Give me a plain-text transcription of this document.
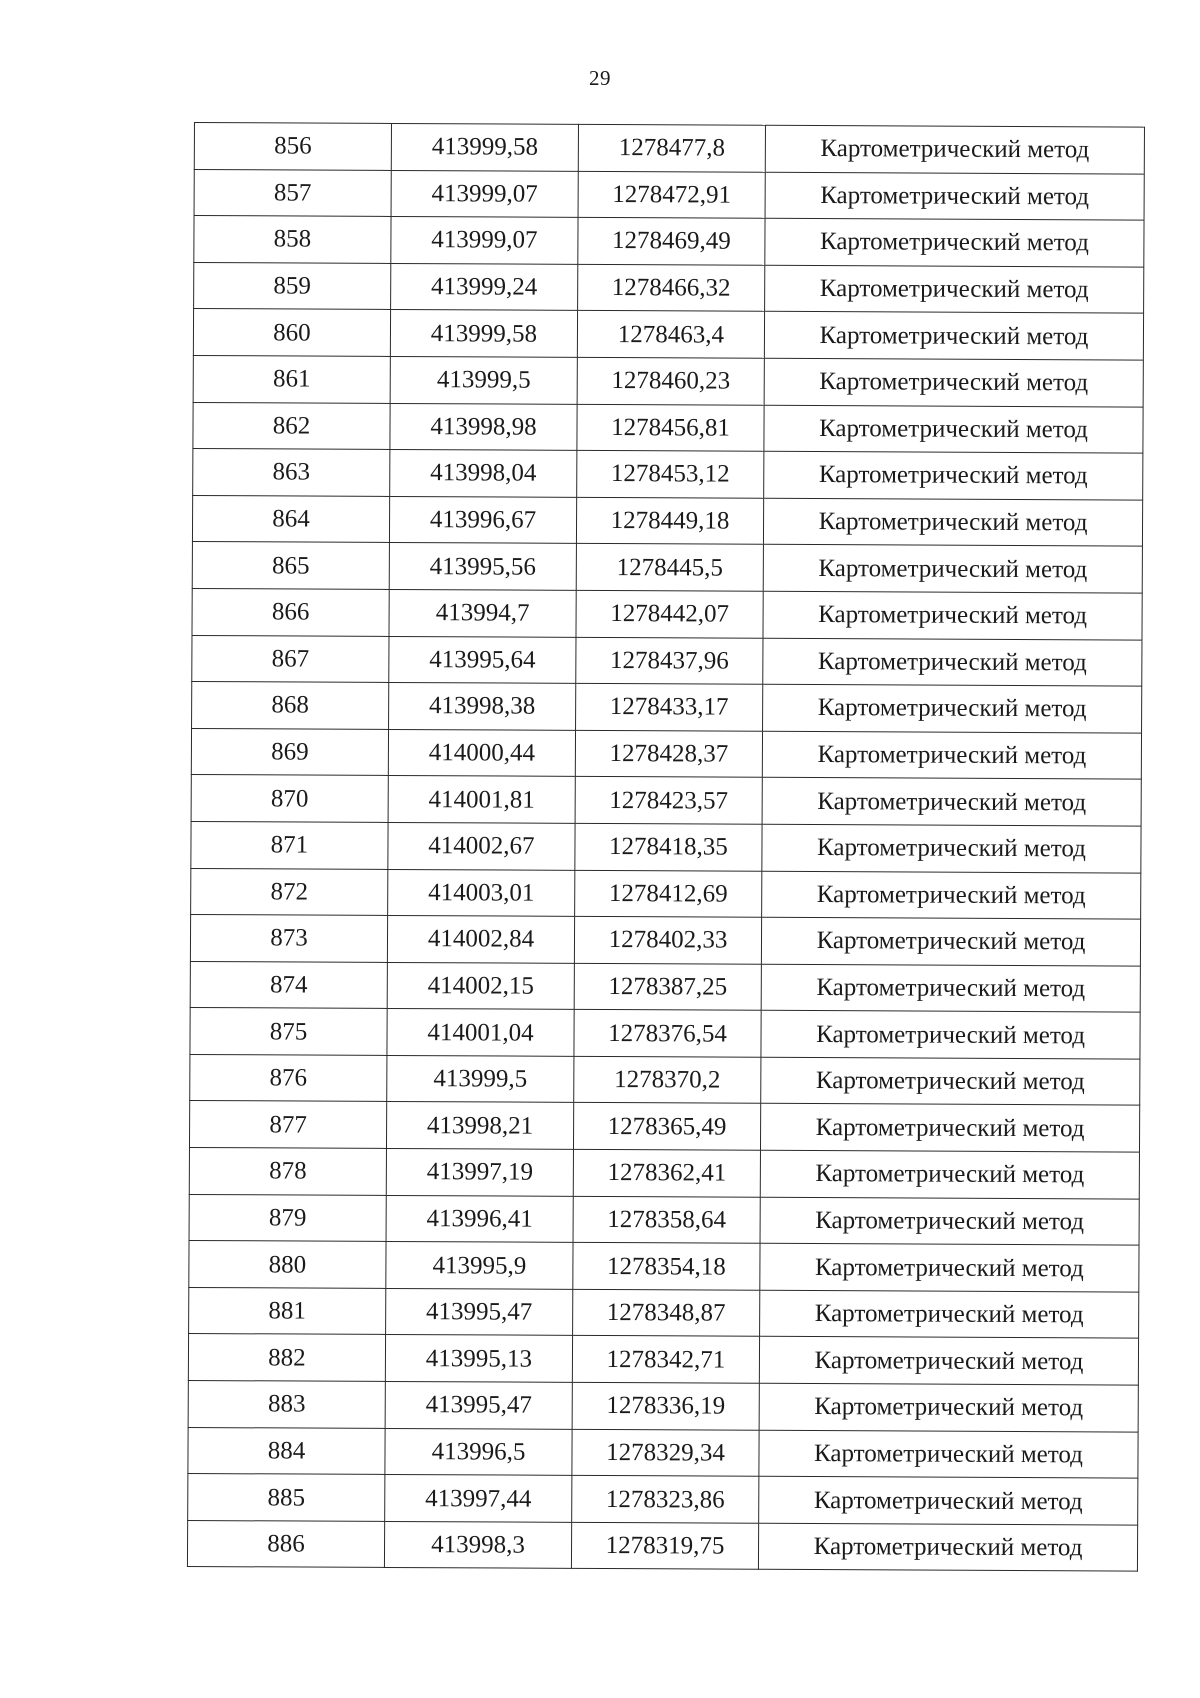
29
856	413999,58	1278477,8	Картометрический метод
857	413999,07	1278472,91	Картометрический метод
858	413999,07	1278469,49	Картометрический метод
859	413999,24	1278466,32	Картометрический метод
860	413999,58	1278463,4	Картометрический метод
861	413999,5	1278460,23	Картометрический метод
862	413998,98	1278456,81	Картометрический метод
863	413998,04	1278453,12	Картометрический метод
864	413996,67	1278449,18	Картометрический метод
865	413995,56	1278445,5	Картометрический метод
866	413994,7	1278442,07	Картометрический метод
867	413995,64	1278437,96	Картометрический метод
868	413998,38	1278433,17	Картометрический метод
869	414000,44	1278428,37	Картометрический метод
870	414001,81	1278423,57	Картометрический метод
871	414002,67	1278418,35	Картометрический метод
872	414003,01	1278412,69	Картометрический метод
873	414002,84	1278402,33	Картометрический метод
874	414002,15	1278387,25	Картометрический метод
875	414001,04	1278376,54	Картометрический метод
876	413999,5	1278370,2	Картометрический метод
877	413998,21	1278365,49	Картометрический метод
878	413997,19	1278362,41	Картометрический метод
879	413996,41	1278358,64	Картометрический метод
880	413995,9	1278354,18	Картометрический метод
881	413995,47	1278348,87	Картометрический метод
882	413995,13	1278342,71	Картометрический метод
883	413995,47	1278336,19	Картометрический метод
884	413996,5	1278329,34	Картометрический метод
885	413997,44	1278323,86	Картометрический метод
886	413998,3	1278319,75	Картометрический метод
